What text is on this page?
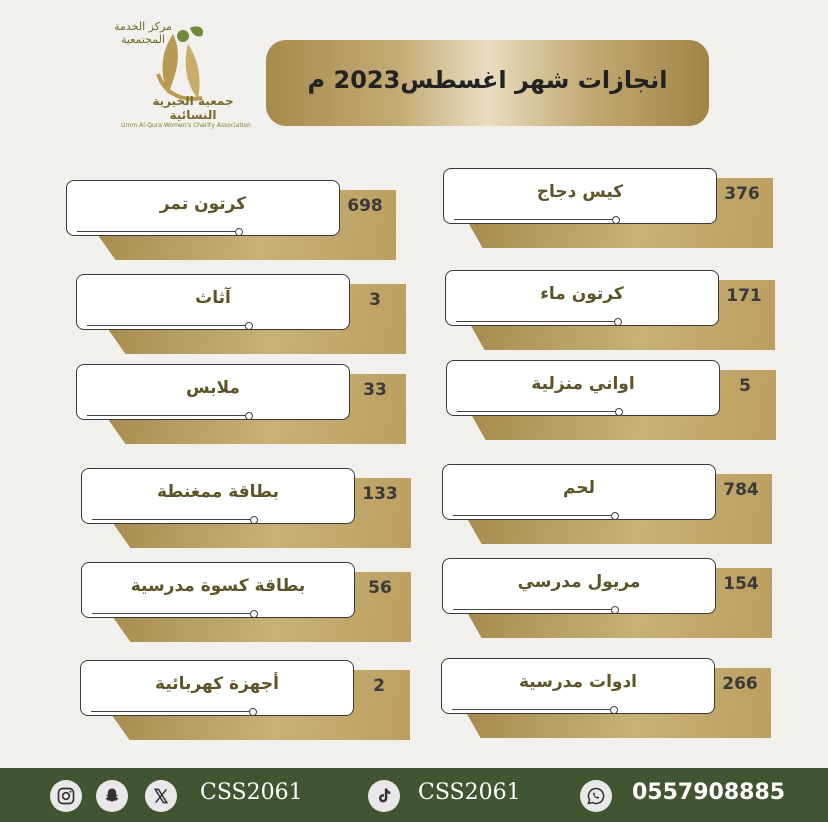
مركز الخدمة المجتمعية
جمعية الخيرية النسائية
Umm Al-Qura Women's Charity Association
انجازات شهر اغسطس2023 م
كيس دجاج	376
كرتون تمر	698
كرتون ماء	171
آثاث	3
اواني منزلية	5
ملابس	33
لحم	784
بطاقة ممغنطة	133
مريول مدرسي	154
بطاقة كسوة مدرسية	56
ادوات مدرسية	266
أجهزة كهربائية	2
CSS2061	CSS2061	0557908885
